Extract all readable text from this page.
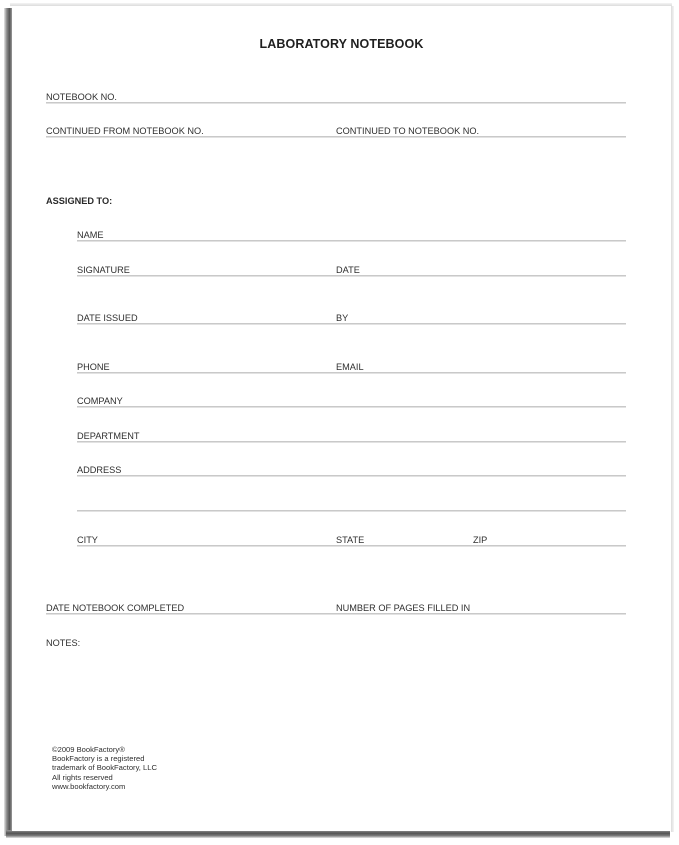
LABORATORY NOTEBOOK
NOTEBOOK NO.
CONTINUED FROM NOTEBOOK NO.	CONTINUED TO NOTEBOOK NO.
ASSIGNED TO:
NAME
SIGNATURE	DATE
DATE ISSUED	BY
PHONE	EMAIL
COMPANY
DEPARTMENT
ADDRESS
CITY	STATE	ZIP
DATE NOTEBOOK COMPLETED	NUMBER OF PAGES FILLED IN
NOTES:
©2009 BookFactory®
BookFactory is a registered
trademark of BookFactory, LLC
All rights reserved
www.bookfactory.com
